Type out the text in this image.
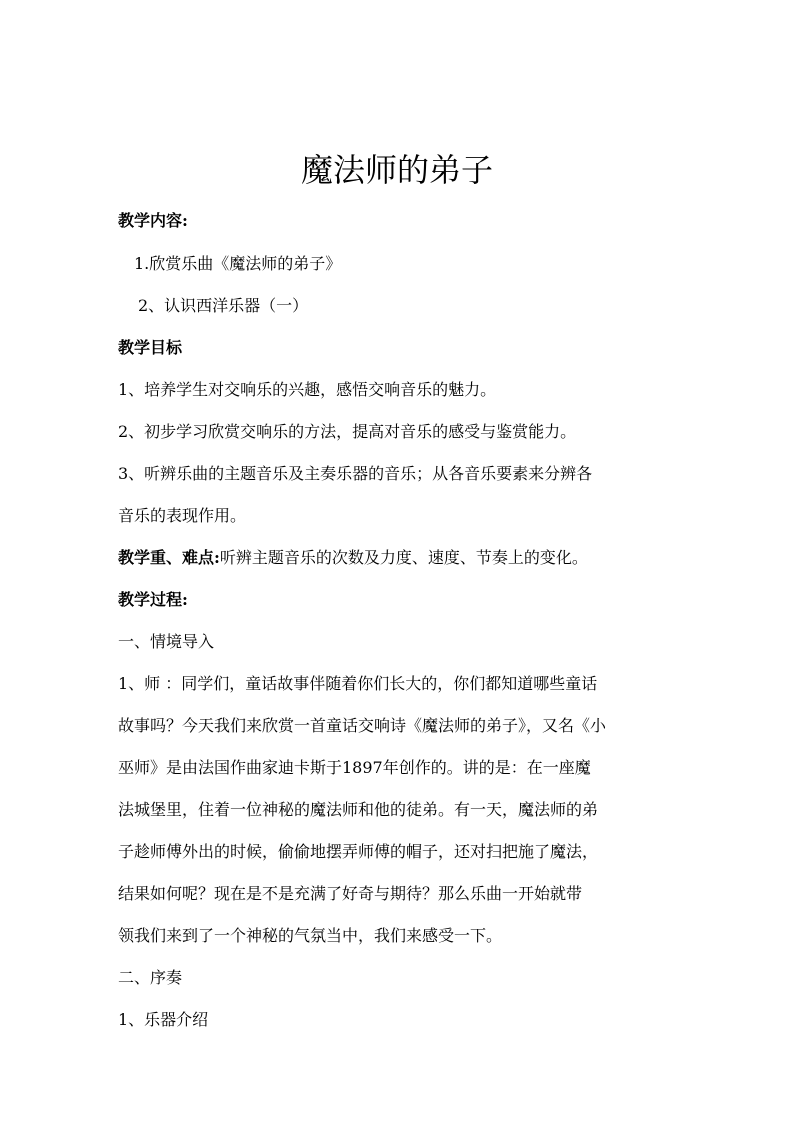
魔法师的弟子

教学内容:

1.欣赏乐曲《魔法师的弟子》

2、认识西洋乐器（一）

教学目标

1、培养学生对交响乐的兴趣，感悟交响音乐的魅力。

2、初步学习欣赏交响乐的方法，提高对音乐的感受与鉴赏能力。

3、听辨乐曲的主题音乐及主奏乐器的音乐；从各音乐要素来分辨各

音乐的表现作用。

教学重、难点:听辨主题音乐的次数及力度、速度、节奏上的变化。

教学过程:

一、情境导入

1、师 ：同学们，童话故事伴随着你们长大的，你们都知道哪些童话

故事吗？今天我们来欣赏一首童话交响诗《魔法师的弟子》，又名《小

巫师》是由法国作曲家迪卡斯于1897年创作的。讲的是：在一座魔

法城堡里，住着一位神秘的魔法师和他的徒弟。有一天，魔法师的弟

子趁师傅外出的时候，偷偷地摆弄师傅的帽子，还对扫把施了魔法，

结果如何呢？现在是不是充满了好奇与期待？那么乐曲一开始就带

领我们来到了一个神秘的气氛当中，我们来感受一下。

二、序奏

1、乐器介绍
